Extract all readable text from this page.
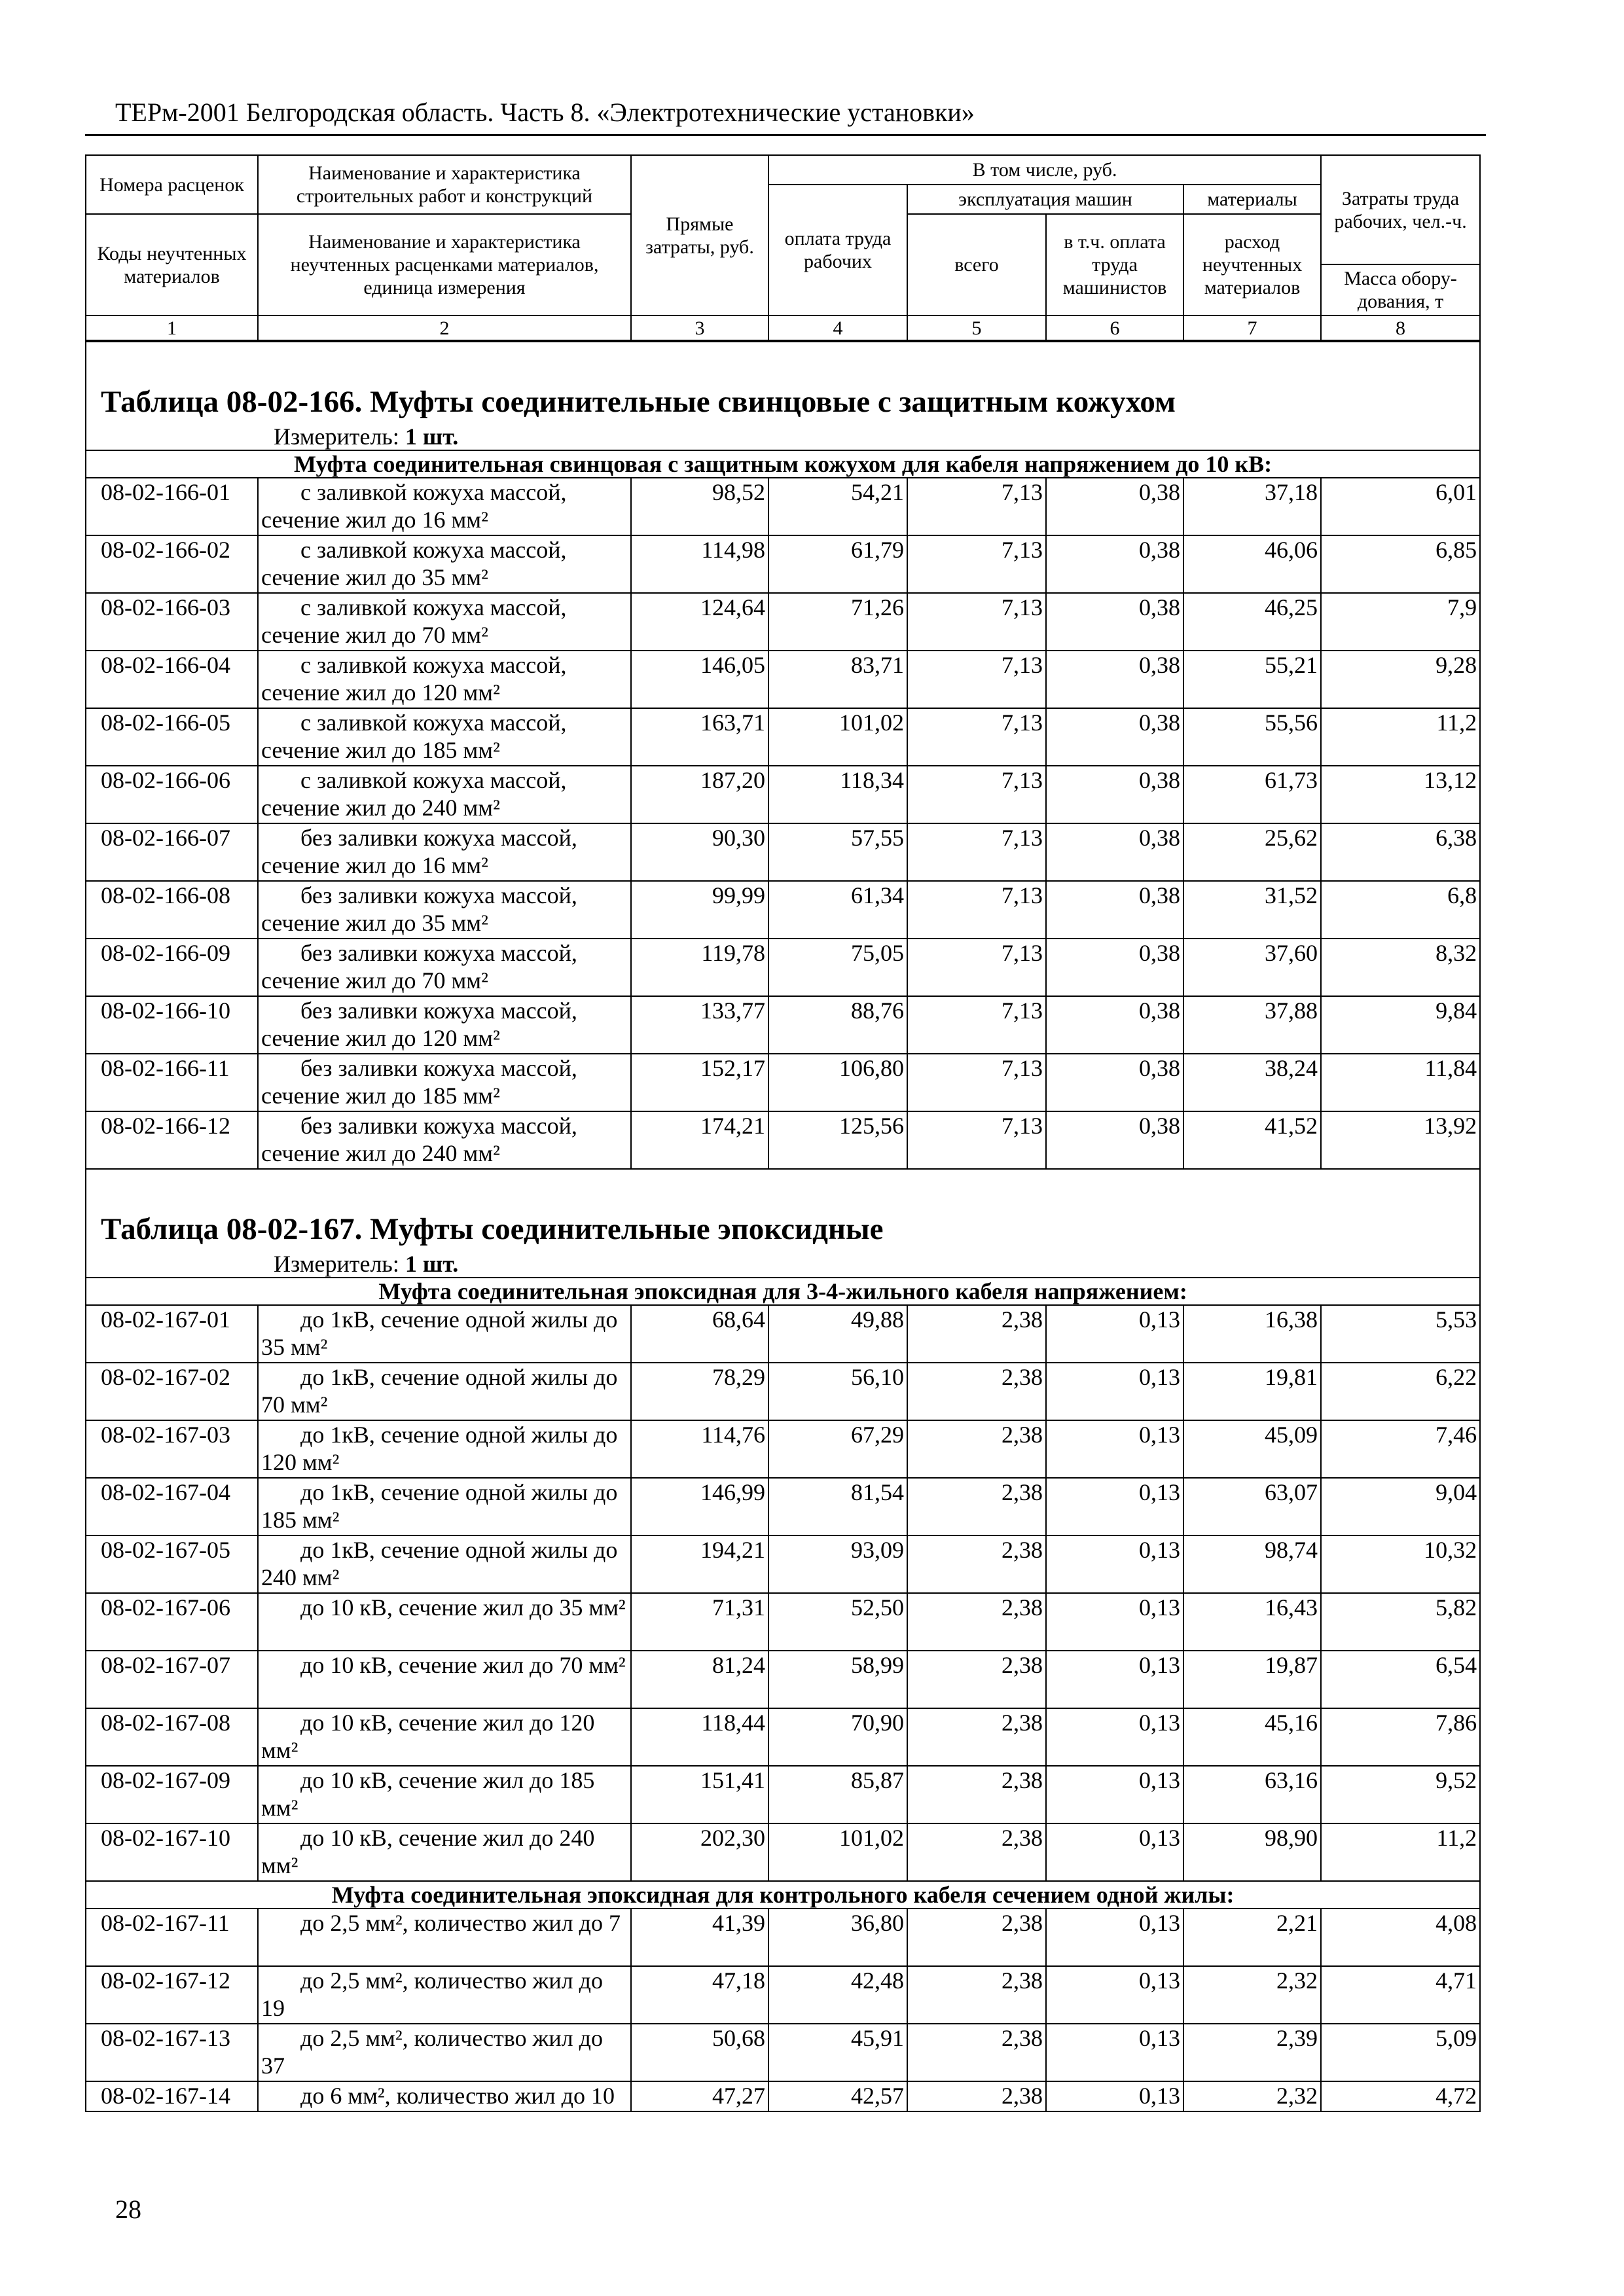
ТЕРм-2001 Белгородская область. Часть 8. «Электротехнические установки»
Номера расценок	Наименование и характеристика строительных работ и конструкций	Прямые затраты, руб.	В том числе, руб.				Затраты труда рабочих, чел.-ч.
			оплата труда рабочих	эксплуатация машин		материалы	
Коды неучтенных материалов	Наименование и характеристика неучтенных расценками материалов, единица измерения			всего	в т.ч. оплата труда машинистов	расход неучтенных материалов	
							Масса обору-дования, т
1	2	3	4	5	6	7	8
Таблица 08-02-166. Муфты соединительные свинцовые с защитным кожухом							
Измеритель: 1 шт.							
Муфта соединительная свинцовая с защитным кожухом для кабеля напряжением до 10 кВ:							
08-02-166-01	с заливкой кожуха массой, сечение жил до 16 мм²	98,52	54,21	7,13	0,38	37,18	6,01
08-02-166-02	с заливкой кожуха массой, сечение жил до 35 мм²	114,98	61,79	7,13	0,38	46,06	6,85
08-02-166-03	с заливкой кожуха массой, сечение жил до 70 мм²	124,64	71,26	7,13	0,38	46,25	7,9
08-02-166-04	с заливкой кожуха массой, сечение жил до 120 мм²	146,05	83,71	7,13	0,38	55,21	9,28
08-02-166-05	с заливкой кожуха массой, сечение жил до 185 мм²	163,71	101,02	7,13	0,38	55,56	11,2
08-02-166-06	с заливкой кожуха массой, сечение жил до 240 мм²	187,20	118,34	7,13	0,38	61,73	13,12
08-02-166-07	без заливки кожуха массой, сечение жил до 16 мм²	90,30	57,55	7,13	0,38	25,62	6,38
08-02-166-08	без заливки кожуха массой, сечение жил до 35 мм²	99,99	61,34	7,13	0,38	31,52	6,8
08-02-166-09	без заливки кожуха массой, сечение жил до 70 мм²	119,78	75,05	7,13	0,38	37,60	8,32
08-02-166-10	без заливки кожуха массой, сечение жил до 120 мм²	133,77	88,76	7,13	0,38	37,88	9,84
08-02-166-11	без заливки кожуха массой, сечение жил до 185 мм²	152,17	106,80	7,13	0,38	38,24	11,84
08-02-166-12	без заливки кожуха массой, сечение жил до 240 мм²	174,21	125,56	7,13	0,38	41,52	13,92
Таблица 08-02-167. Муфты соединительные эпоксидные							
Измеритель: 1 шт.							
Муфта соединительная эпоксидная для 3-4-жильного кабеля напряжением:							
08-02-167-01	до 1кВ, сечение одной жилы до 35 мм²	68,64	49,88	2,38	0,13	16,38	5,53
08-02-167-02	до 1кВ, сечение одной жилы до 70 мм²	78,29	56,10	2,38	0,13	19,81	6,22
08-02-167-03	до 1кВ, сечение одной жилы до 120 мм²	114,76	67,29	2,38	0,13	45,09	7,46
08-02-167-04	до 1кВ, сечение одной жилы до 185 мм²	146,99	81,54	2,38	0,13	63,07	9,04
08-02-167-05	до 1кВ, сечение одной жилы до 240 мм²	194,21	93,09	2,38	0,13	98,74	10,32
08-02-167-06	до 10 кВ, сечение жил до 35 мм²	71,31	52,50	2,38	0,13	16,43	5,82
08-02-167-07	до 10 кВ, сечение жил до 70 мм²	81,24	58,99	2,38	0,13	19,87	6,54
08-02-167-08	до 10 кВ, сечение жил до 120 мм²	118,44	70,90	2,38	0,13	45,16	7,86
08-02-167-09	до 10 кВ, сечение жил до 185 мм²	151,41	85,87	2,38	0,13	63,16	9,52
08-02-167-10	до 10 кВ, сечение жил до 240 мм²	202,30	101,02	2,38	0,13	98,90	11,2
Муфта соединительная эпоксидная для контрольного кабеля сечением одной жилы:							
08-02-167-11	до 2,5 мм², количество жил до 7	41,39	36,80	2,38	0,13	2,21	4,08
08-02-167-12	до 2,5 мм², количество жил до 19	47,18	42,48	2,38	0,13	2,32	4,71
08-02-167-13	до 2,5 мм², количество жил до 37	50,68	45,91	2,38	0,13	2,39	5,09
08-02-167-14	до 6 мм², количество жил до 10	47,27	42,57	2,38	0,13	2,32	4,72
28
